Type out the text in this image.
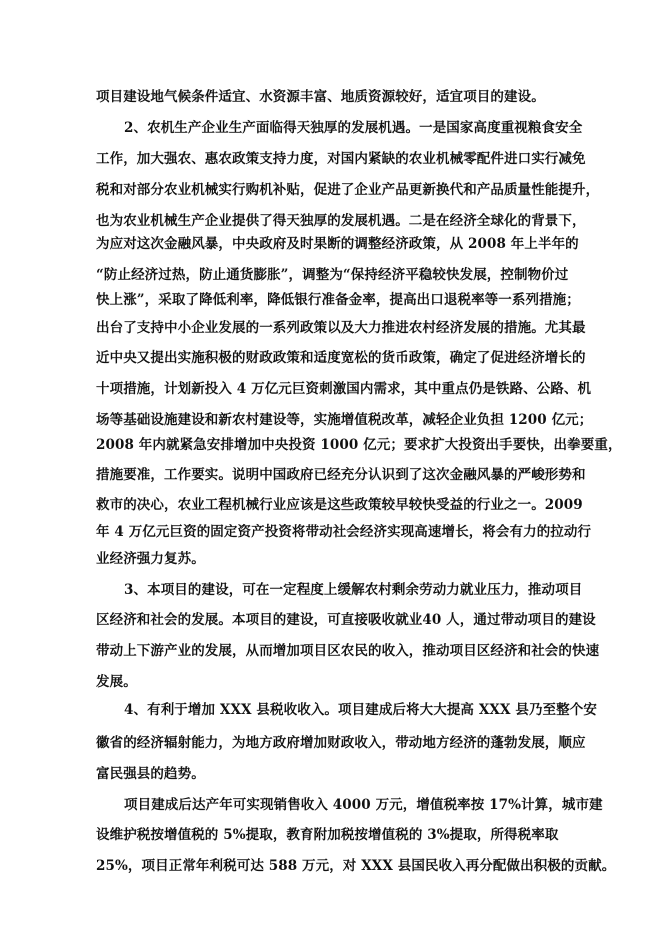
项目建设地气候条件适宜、水资源丰富、地质资源较好，适宜项目的建设。
2、农机生产企业生产面临得天独厚的发展机遇。一是国家高度重视粮食安全
工作，加大强农、惠农政策支持力度，对国内紧缺的农业机械零配件进口实行减免
税和对部分农业机械实行购机补贴，促进了企业产品更新换代和产品质量性能提升，
也为农业机械生产企业提供了得天独厚的发展机遇。二是在经济全球化的背景下，
为应对这次金融风暴，中央政府及时果断的调整经济政策，从 2008 年上半年的
“防止经济过热，防止通货膨胀”，调整为“保持经济平稳较快发展，控制物价过
快上涨”，采取了降低利率，降低银行准备金率，提高出口退税率等一系列措施；
出台了支持中小企业发展的一系列政策以及大力推进农村经济发展的措施。尤其最
近中央又提出实施积极的财政政策和适度宽松的货币政策，确定了促进经济增长的
十项措施，计划新投入 4 万亿元巨资刺激国内需求，其中重点仍是铁路、公路、机
场等基础设施建设和新农村建设等，实施增值税改革，减轻企业负担 1200 亿元；
2008 年内就紧急安排增加中央投资 1000 亿元；要求扩大投资出手要快，出拳要重，
措施要准，工作要实。说明中国政府已经充分认识到了这次金融风暴的严峻形势和
救市的决心，农业工程机械行业应该是这些政策较早较快受益的行业之一。2009
年 4 万亿元巨资的固定资产投资将带动社会经济实现高速增长，将会有力的拉动行
业经济强力复苏。
3、本项目的建设，可在一定程度上缓解农村剩余劳动力就业压力，推动项目
区经济和社会的发展。本项目的建设，可直接吸收就业40 人，通过带动项目的建设
带动上下游产业的发展，从而增加项目区农民的收入，推动项目区经济和社会的快速
发展。
4、有利于增加 XXX 县税收收入。项目建成后将大大提高 XXX 县乃至整个安
徽省的经济辐射能力，为地方政府增加财政收入，带动地方经济的蓬勃发展，顺应
富民强县的趋势。
项目建成后达产年可实现销售收入 4000 万元，增值税率按 17%计算，城市建
设维护税按增值税的 5%提取，教育附加税按增值税的 3%提取，所得税率取
25%，项目正常年利税可达 588 万元，对 XXX 县国民收入再分配做出积极的贡献。
